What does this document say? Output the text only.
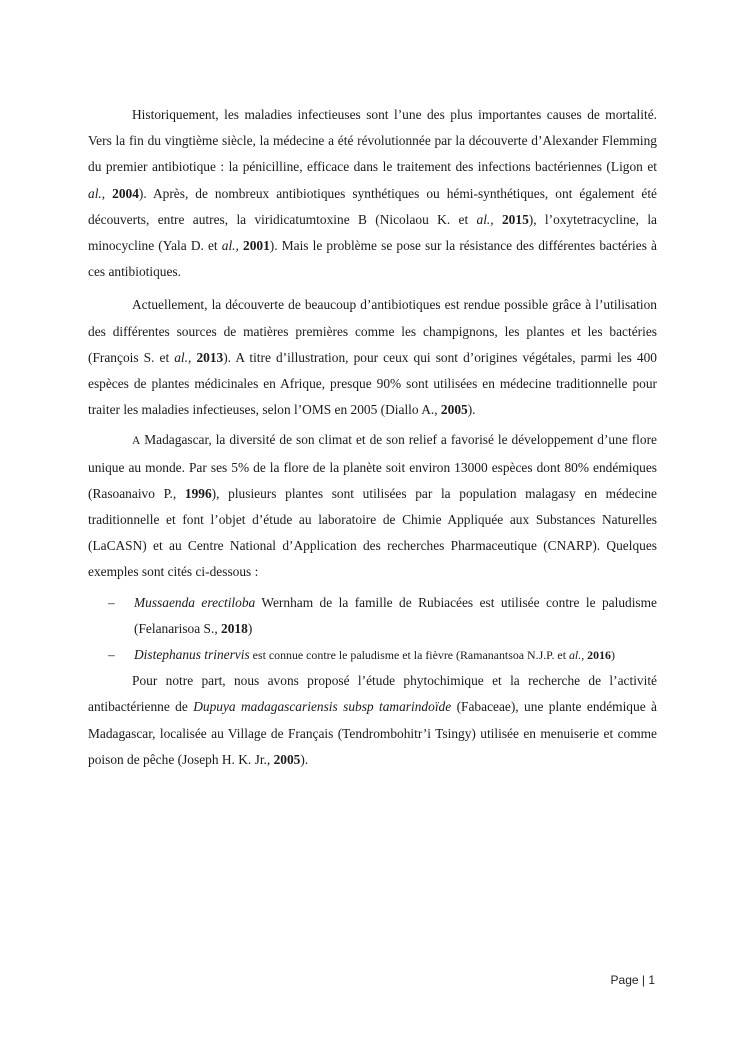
Historiquement, les maladies infectieuses sont l’une des plus importantes causes de mortalité. Vers la fin du vingtième siècle, la médecine a été révolutionnée par la découverte d’Alexander Flemming du premier antibiotique : la pénicilline, efficace dans le traitement des infections bactériennes (Ligon et al., 2004). Après, de nombreux antibiotiques synthétiques ou hémi-synthétiques, ont également été découverts, entre autres, la viridicatumtoxine B (Nicolaou K. et al., 2015), l’oxytetracycline, la minocycline (Yala D. et al., 2001). Mais le problème se pose sur la résistance des différentes bactéries à ces antibiotiques.

Actuellement, la découverte de beaucoup d’antibiotiques est rendue possible grâce à l’utilisation des différentes sources de matières premières comme les champignons, les plantes et les bactéries (François S. et al., 2013). A titre d’illustration, pour ceux qui sont d’origines végétales, parmi les 400 espèces de plantes médicinales en Afrique, presque 90% sont utilisées en médecine traditionnelle pour traiter les maladies infectieuses, selon l’OMS en 2005 (Diallo A., 2005).

A Madagascar, la diversité de son climat et de son relief a favorisé le développement d’une flore unique au monde. Par ses 5% de la flore de la planète soit environ 13000 espèces dont 80% endémiques (Rasoanaivo P., 1996), plusieurs plantes sont utilisées par la population malagasy en médecine traditionnelle et font l’objet d’étude au laboratoire de Chimie Appliquée aux Substances Naturelles (LaCASN) et au Centre National d’Application des recherches Pharmaceutique (CNARP). Quelques exemples sont cités ci-dessous :

– Mussaenda erectiloba Wernham de la famille de Rubiacées est utilisée contre le paludisme (Felanarisoa S., 2018)
– Distephanus trinervis est connue contre le paludisme et la fièvre (Ramanantsoa N.J.P. et al., 2016)

Pour notre part, nous avons proposé l’étude phytochimique et la recherche de l’activité antibactérienne de Dupuya madagascariensis subsp tamarindoïde (Fabaceae), une plante endémique à Madagascar, localisée au Village de Français (Tendrombohitr’i Tsingy) utilisée en menuiserie et comme poison de pêche (Joseph H. K. Jr., 2005).

Page | 1
